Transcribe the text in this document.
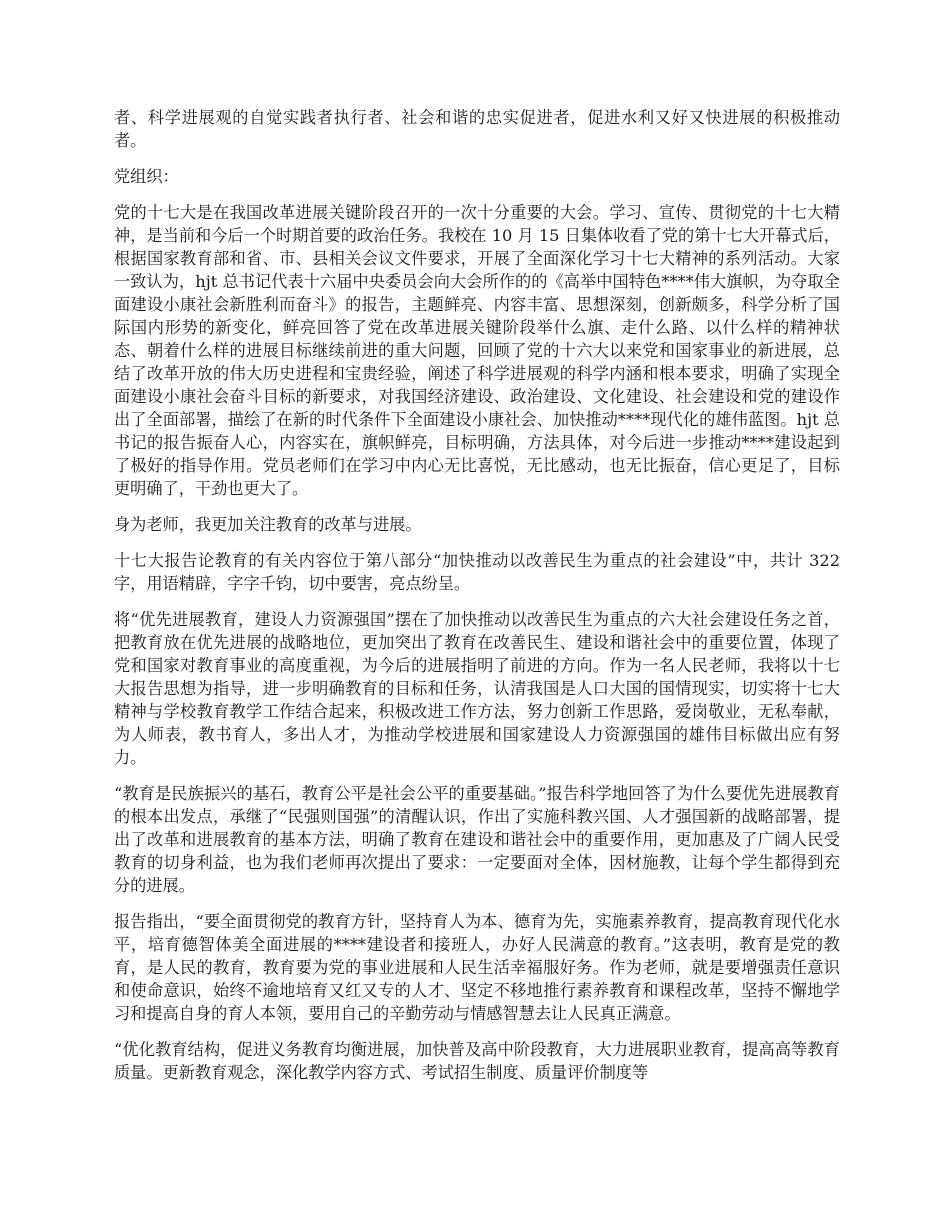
者、科学进展观的自觉实践者执行者、社会和谐的忠实促进者，促进水利又好又快进展的积极推动者。

党组织：

党的十七大是在我国改革进展关键阶段召开的一次十分重要的大会。学习、宣传、贯彻党的十七大精神，是当前和今后一个时期首要的政治任务。我校在 10 月 15 日集体收看了党的第十七大开幕式后，根据国家教育部和省、市、县相关会议文件要求，开展了全面深化学习十七大精神的系列活动。大家一致认为，hjt 总书记代表十六届中央委员会向大会所作的的《高举中国特色****伟大旗帜，为夺取全面建设小康社会新胜利而奋斗》的报告，主题鲜亮、内容丰富、思想深刻，创新颇多，科学分析了国际国内形势的新变化，鲜亮回答了党在改革进展关键阶段举什么旗、走什么路、以什么样的精神状态、朝着什么样的进展目标继续前进的重大问题，回顾了党的十六大以来党和国家事业的新进展，总结了改革开放的伟大历史进程和宝贵经验，阐述了科学进展观的科学内涵和根本要求，明确了实现全面建设小康社会奋斗目标的新要求，对我国经济建设、政治建设、文化建设、社会建设和党的建设作出了全面部署，描绘了在新的时代条件下全面建设小康社会、加快推动****现代化的雄伟蓝图。hjt 总书记的报告振奋人心，内容实在，旗帜鲜亮，目标明确，方法具体，对今后进一步推动****建设起到了极好的指导作用。党员老师们在学习中内心无比喜悦，无比感动，也无比振奋，信心更足了，目标更明确了，干劲也更大了。

身为老师，我更加关注教育的改革与进展。

十七大报告论教育的有关内容位于第八部分“加快推动以改善民生为重点的社会建设”中，共计 322 字，用语精辟，字字千钧，切中要害，亮点纷呈。

将“优先进展教育，建设人力资源强国”摆在了加快推动以改善民生为重点的六大社会建设任务之首，把教育放在优先进展的战略地位，更加突出了教育在改善民生、建设和谐社会中的重要位置，体现了党和国家对教育事业的高度重视，为今后的进展指明了前进的方向。作为一名人民老师，我将以十七大报告思想为指导，进一步明确教育的目标和任务，认清我国是人口大国的国情现实，切实将十七大精神与学校教育教学工作结合起来，积极改进工作方法，努力创新工作思路，爱岗敬业，无私奉献，为人师表，教书育人，多出人才，为推动学校进展和国家建设人力资源强国的雄伟目标做出应有努力。

“教育是民族振兴的基石，教育公平是社会公平的重要基础。”报告科学地回答了为什么要优先进展教育的根本出发点，承继了“民强则国强”的清醒认识，作出了实施科教兴国、人才强国新的战略部署，提出了改革和进展教育的基本方法，明确了教育在建设和谐社会中的重要作用，更加惠及了广阔人民受教育的切身利益，也为我们老师再次提出了要求：一定要面对全体，因材施教，让每个学生都得到充分的进展。

报告指出，“要全面贯彻党的教育方针，坚持育人为本、德育为先，实施素养教育，提高教育现代化水平，培育德智体美全面进展的****建设者和接班人，办好人民满意的教育。”这表明，教育是党的教育，是人民的教育，教育要为党的事业进展和人民生活幸福服好务。作为老师，就是要增强责任意识和使命意识，始终不逾地培育又红又专的人才、坚定不移地推行素养教育和课程改革，坚持不懈地学习和提高自身的育人本领，要用自己的辛勤劳动与情感智慧去让人民真正满意。

“优化教育结构，促进义务教育均衡进展，加快普及高中阶段教育，大力进展职业教育，提高高等教育质量。更新教育观念，深化教学内容方式、考试招生制度、质量评价制度等
